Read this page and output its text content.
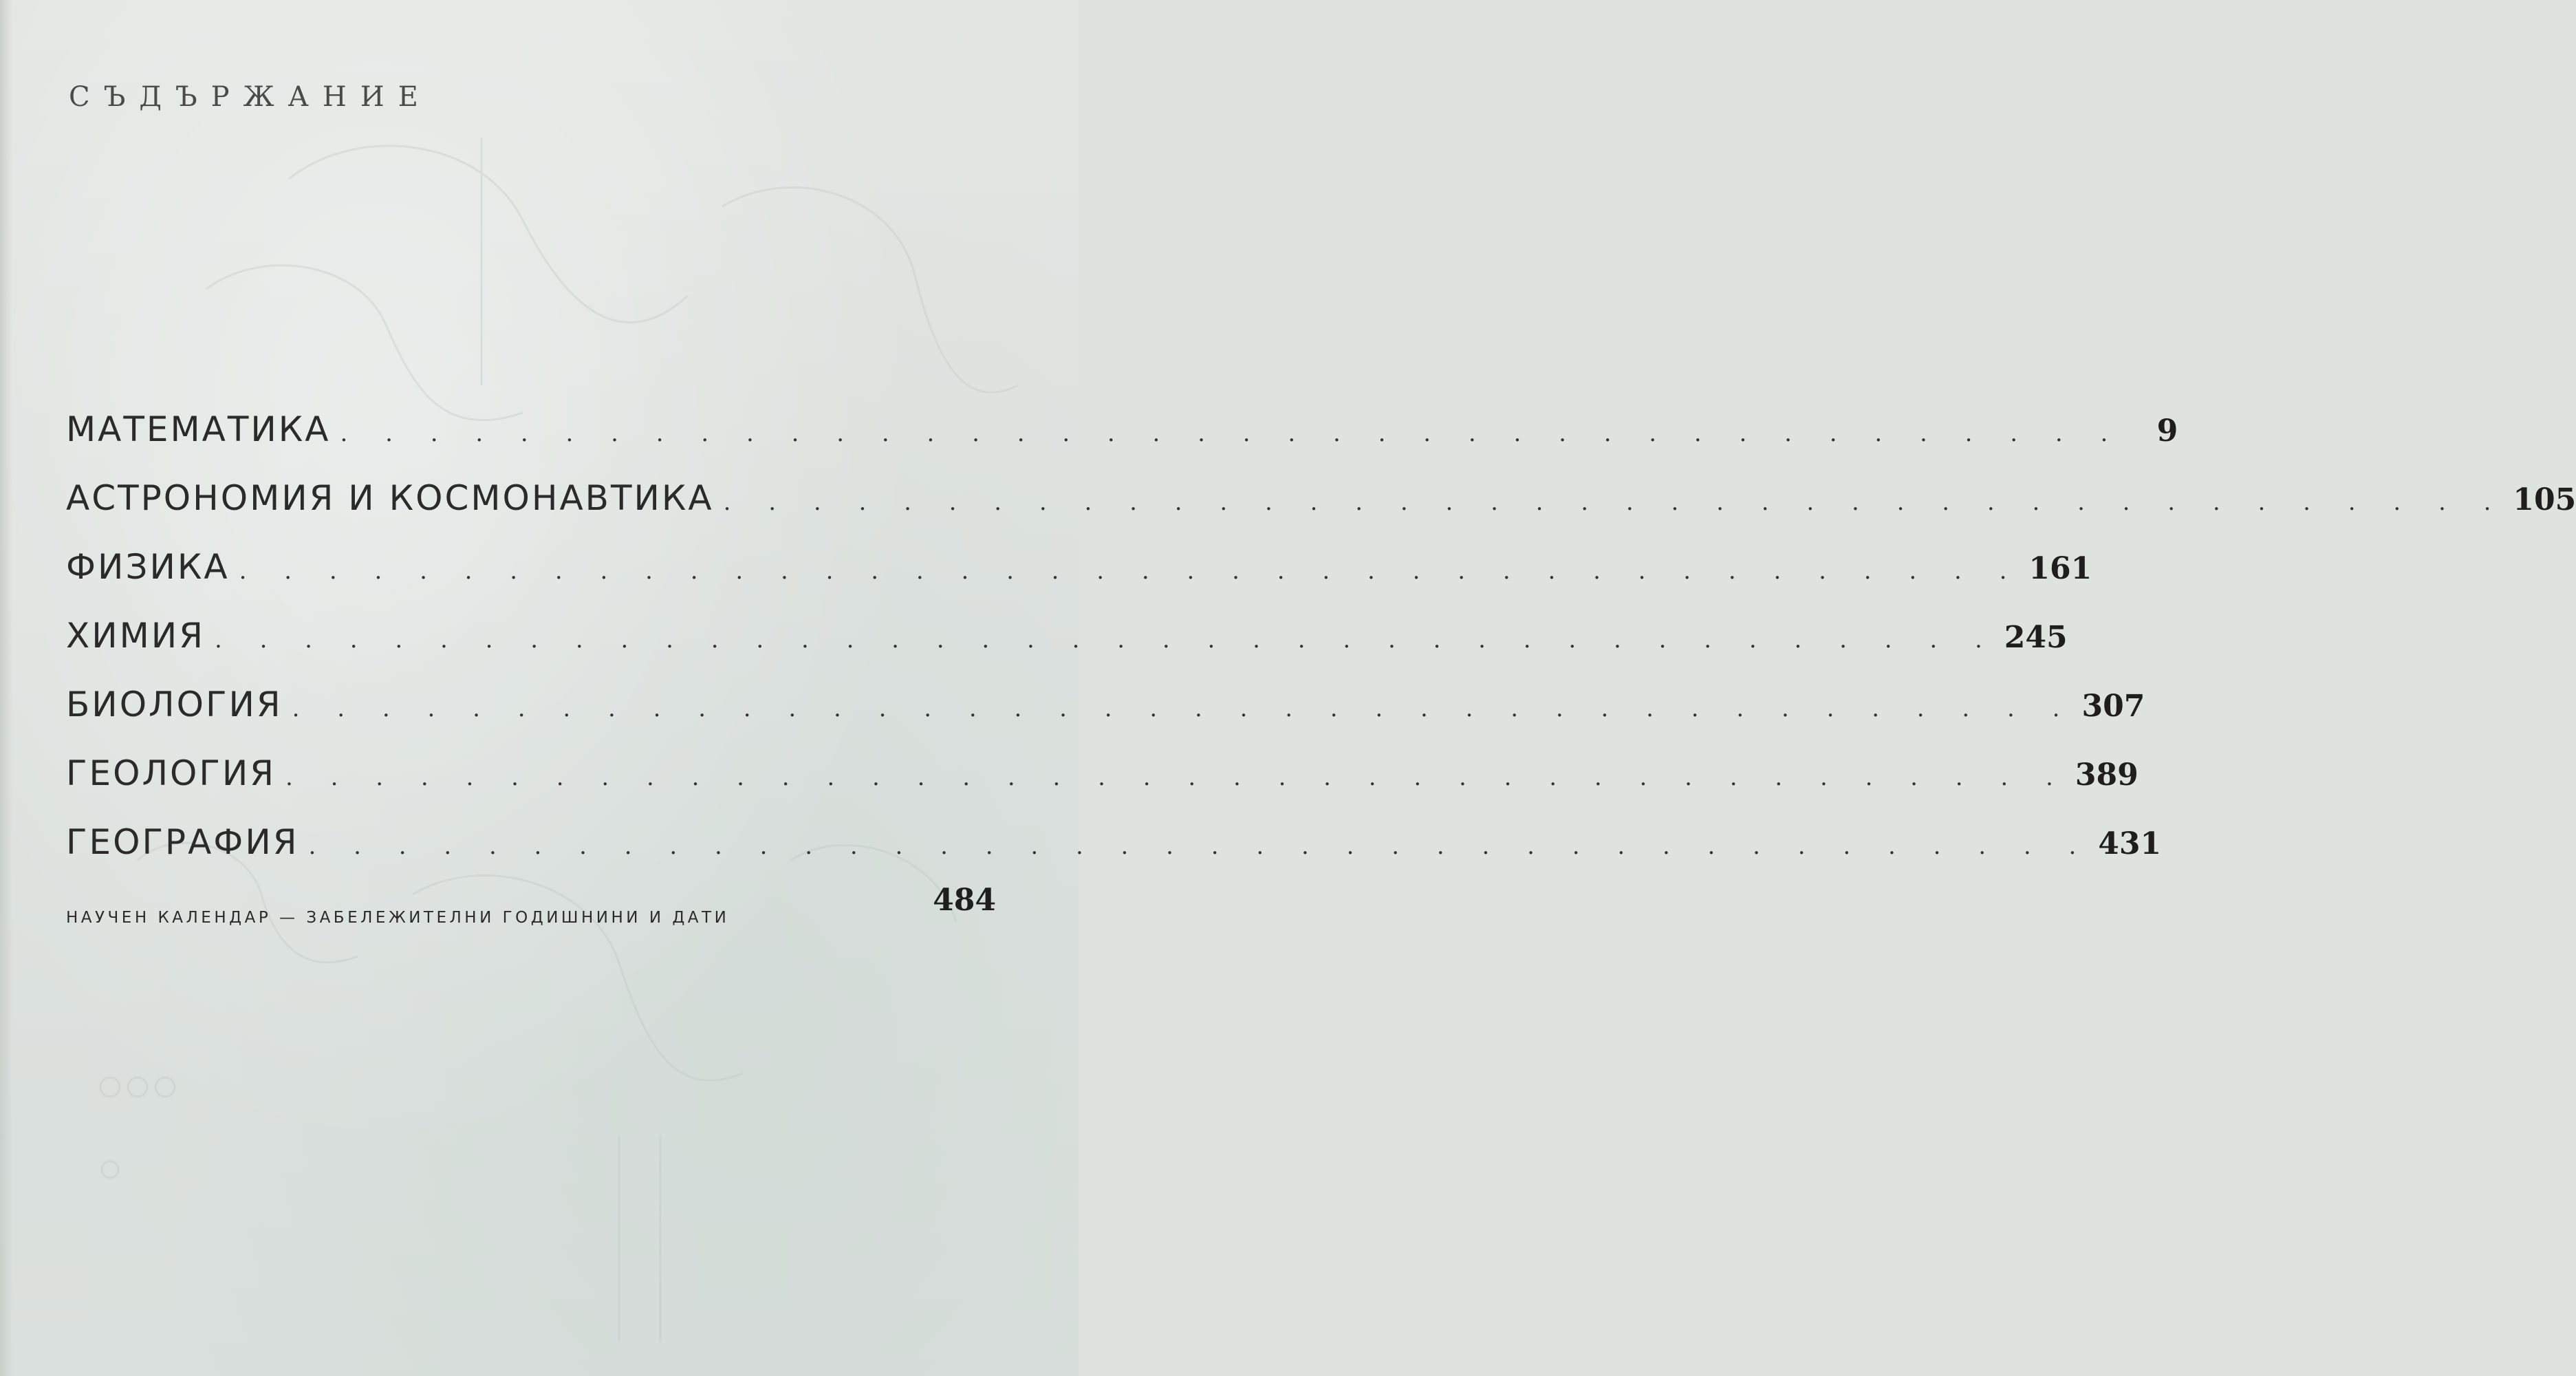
СЪДЪРЖАНИЕ
МАТЕМАТИКА . . . . . . . . . . . . . . . . . . . . . . . . . . . . . . . . . . . . . . . .	9
АСТРОНОМИЯ И КОСМОНАВТИКА . . . . . . . . . . . . . . . . . . . . . . . . . . . . . . . . . . . . . . . . 105
ФИЗИКА . . . . . . . . . . . . . . . . . . . . . . . . . . . . . . . . . . . . . . . . 161
ХИМИЯ . . . . . . . . . . . . . . . . . . . . . . . . . . . . . . . . . . . . . . . . 245
БИОЛОГИЯ . . . . . . . . . . . . . . . . . . . . . . . . . . . . . . . . . . . . . . . . 307
ГЕОЛОГИЯ . . . . . . . . . . . . . . . . . . . . . . . . . . . . . . . . . . . . . . . . 389
ГЕОГРАФИЯ . . . . . . . . . . . . . . . . . . . . . . . . . . . . . . . . . . . . . . . . 431
НАУЧЕН КАЛЕНДАР — ЗАБЕЛЕЖИТЕЛНИ ГОДИШНИНИ И ДАТИ	484
